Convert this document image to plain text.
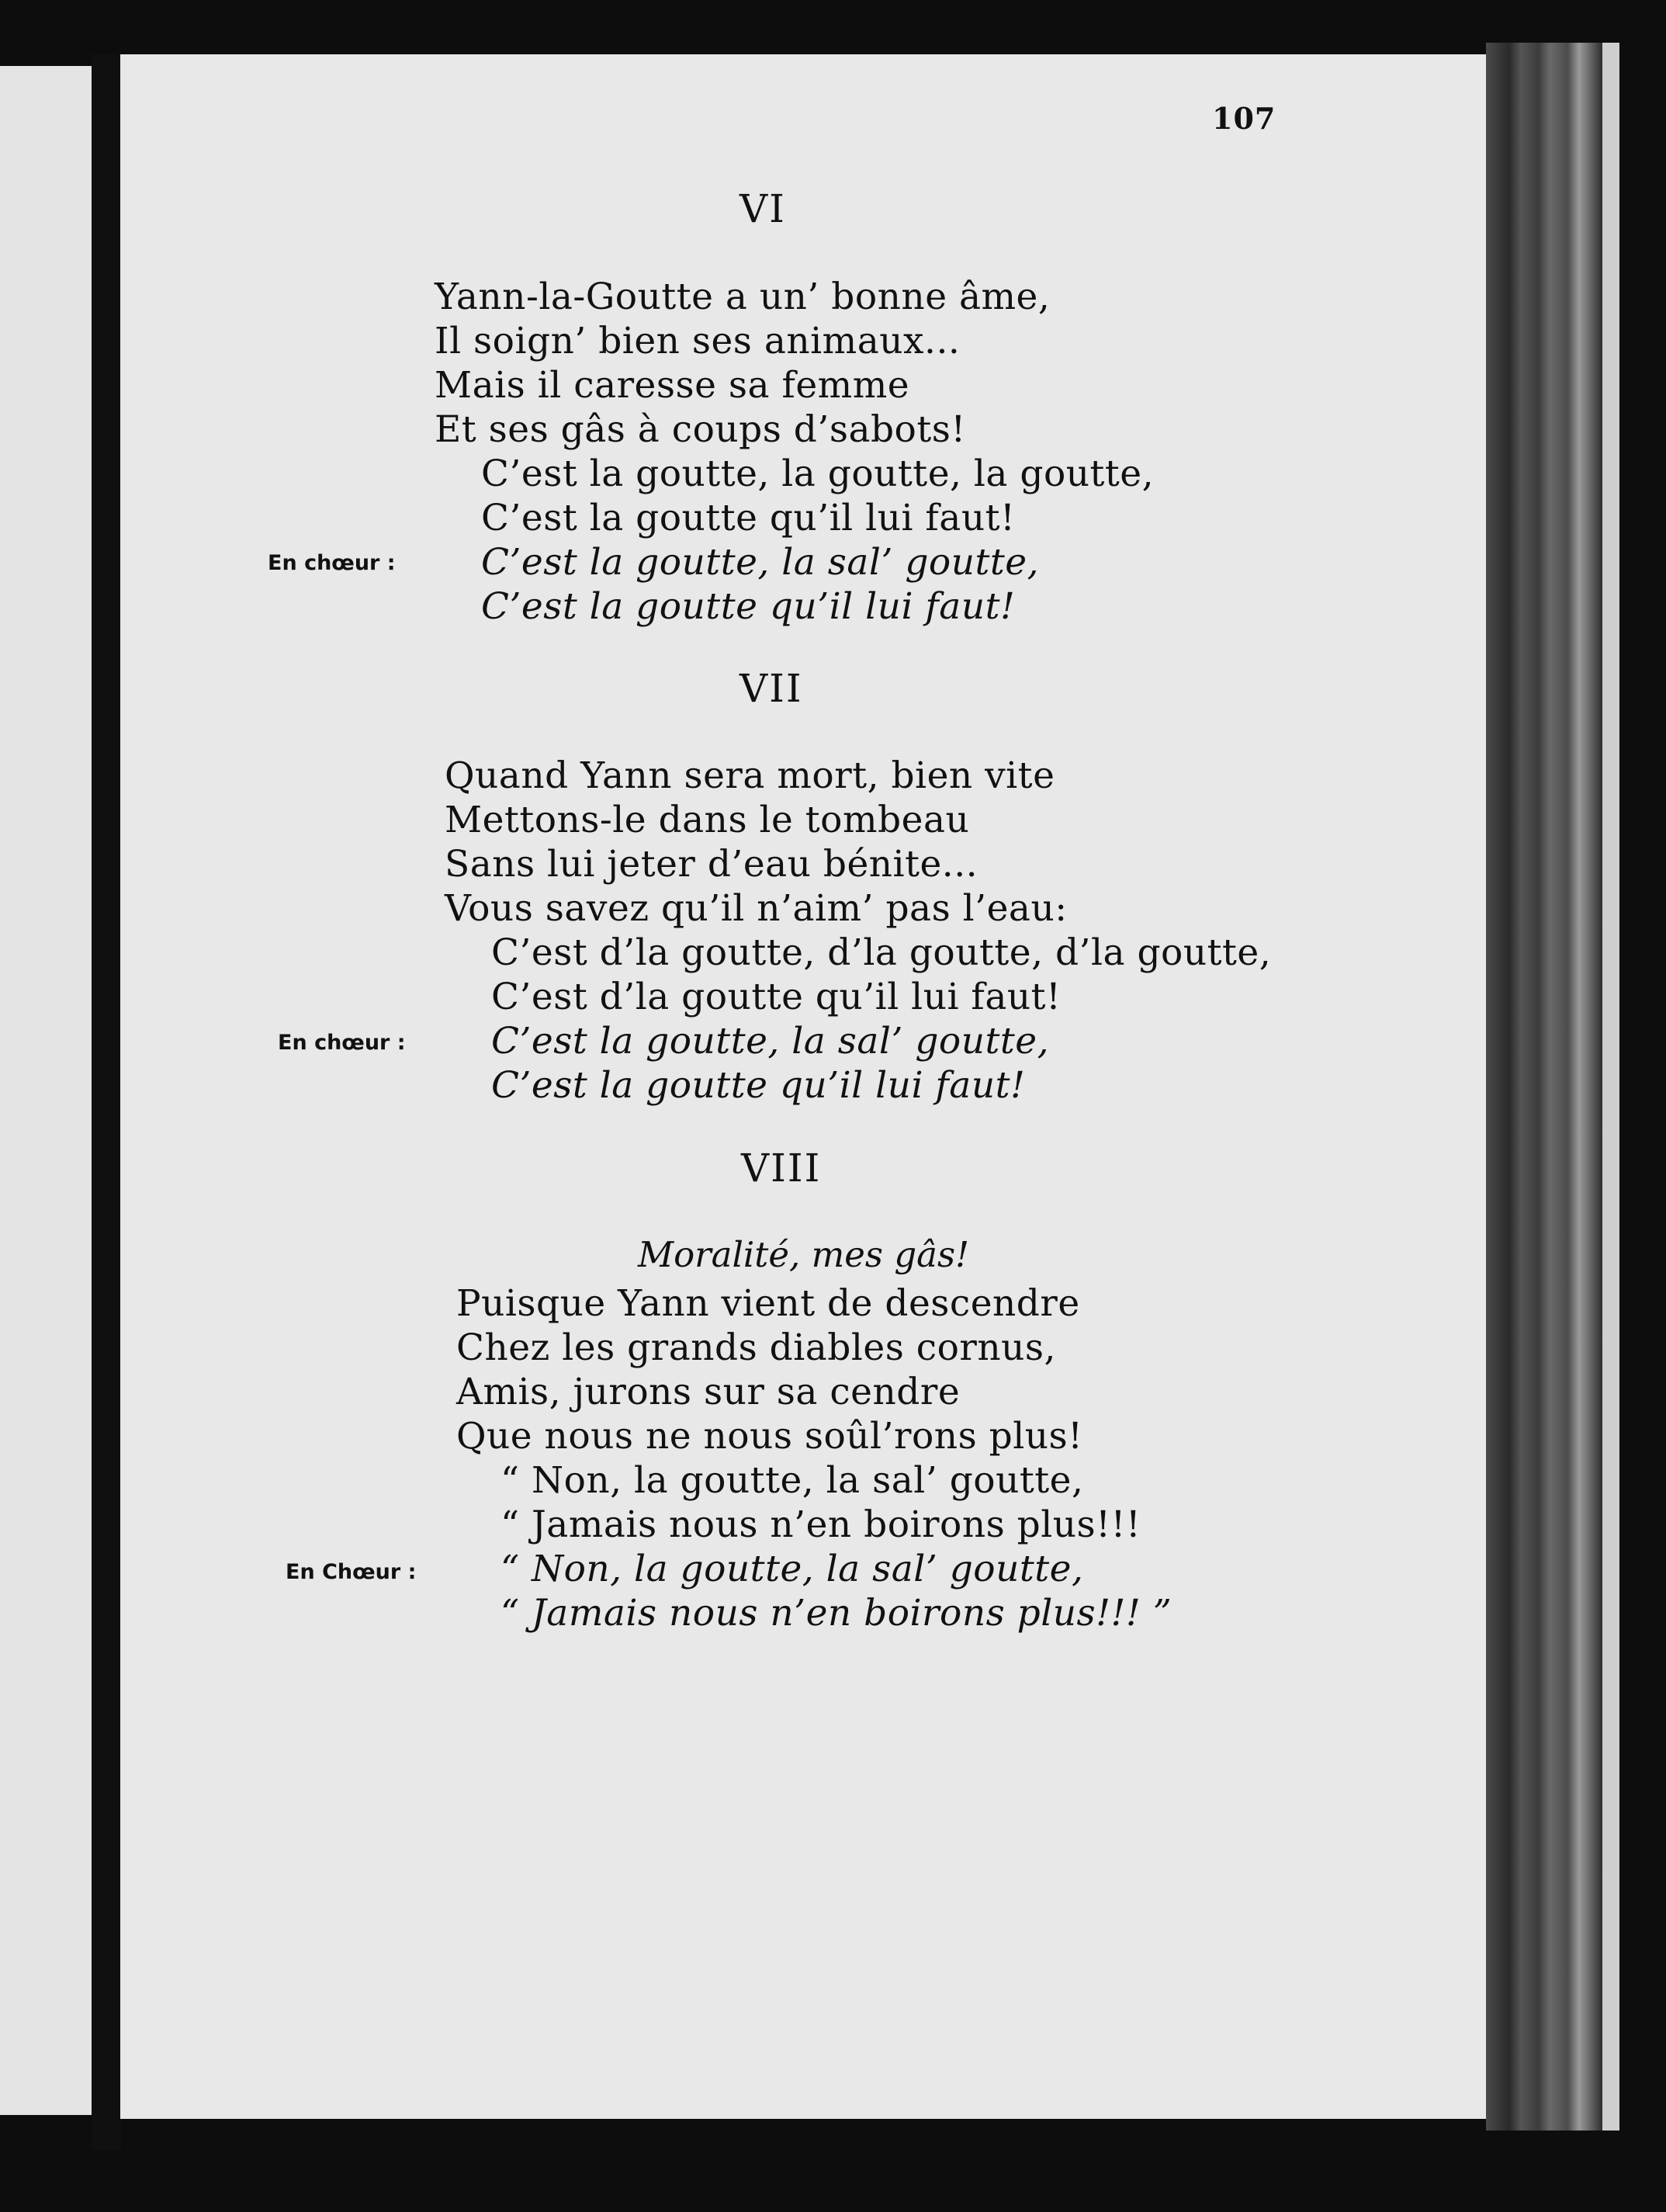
107
VI
Yann-la-Goutte a un’ bonne âme,
Il soign’ bien ses animaux...
Mais il caresse sa femme
Et ses gâs à coups d’sabots!
C’est la goutte, la goutte, la goutte,
C’est la goutte qu’il lui faut!
En chœur : C’est la goutte, la sal’ goutte,
C’est la goutte qu’il lui faut!
VII
Quand Yann sera mort, bien vite
Mettons-le dans le tombeau
Sans lui jeter d’eau bénite...
Vous savez qu’il n’aim’ pas l’eau:
C’est d’la goutte, d’la goutte, d’la goutte,
C’est d’la goutte qu’il lui faut!
En chœur : C’est la goutte, la sal’ goutte,
C’est la goutte qu’il lui faut!
VIII
Moralité, mes gâs!
Puisque Yann vient de descendre
Chez les grands diables cornus,
Amis, jurons sur sa cendre
Que nous ne nous soûl’rons plus!
“ Non, la goutte, la sal’ goutte,
“ Jamais nous n’en boirons plus!!!
En Chœur : “ Non, la goutte, la sal’ goutte,
“ Jamais nous n’en boirons plus!!! ”
